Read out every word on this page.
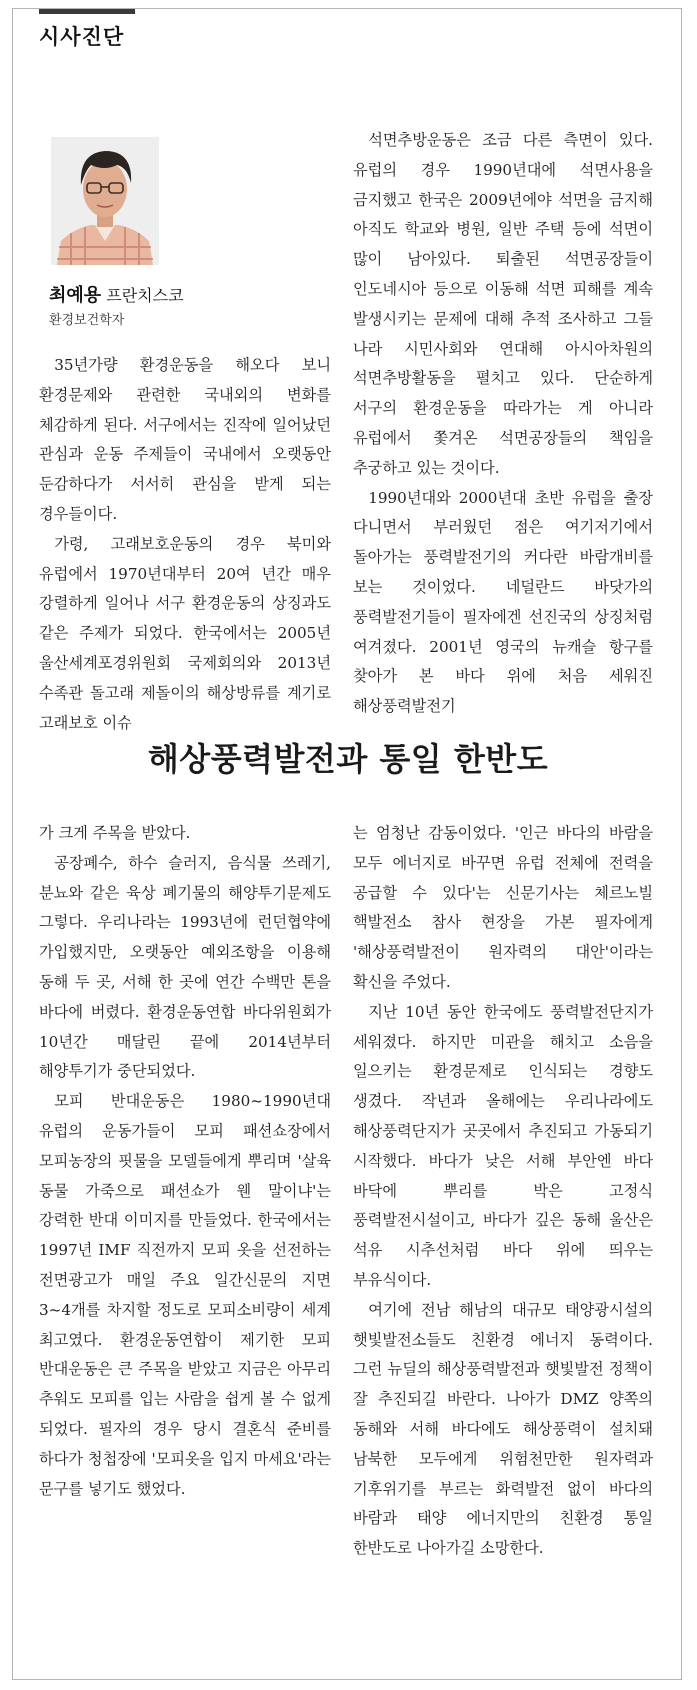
시사진단
최예용 프란치스코
환경보건학자

35년가량 환경운동을 해오다 보니 환경문제와 관련한 국내외의 변화를 체감하게 된다. 서구에서는 진작에 일어났던 관심과 운동 주제들이 국내에서 오랫동안 둔감하다가 서서히 관심을 받게 되는 경우들이다.

가령, 고래보호운동의 경우 북미와 유럽에서 1970년대부터 20여 년간 매우 강렬하게 일어나 서구 환경운동의 상징과도 같은 주제가 되었다. 한국에서는 2005년 울산세계포경위원회 국제회의와 2013년 수족관 돌고래 제돌이의 해상방류를 계기로 고래보호 이슈

석면추방운동은 조금 다른 측면이 있다. 유럽의 경우 1990년대에 석면사용을 금지했고 한국은 2009년에야 석면을 금지해 아직도 학교와 병원, 일반 주택 등에 석면이 많이 남아있다. 퇴출된 석면공장들이 인도네시아 등으로 이동해 석면 피해를 계속 발생시키는 문제에 대해 추적 조사하고 그들 나라 시민사회와 연대해 아시아차원의 석면추방활동을 펼치고 있다. 단순하게 서구의 환경운동을 따라가는 게 아니라 유럽에서 쫓겨온 석면공장들의 책임을 추궁하고 있는 것이다.

1990년대와 2000년대 초반 유럽을 출장 다니면서 부러웠던 점은 여기저기에서 돌아가는 풍력발전기의 커다란 바람개비를 보는 것이었다. 네덜란드 바닷가의 풍력발전기들이 필자에겐 선진국의 상징처럼 여겨졌다. 2001년 영국의 뉴캐슬 항구를 찾아가 본 바다 위에 처음 세워진 해상풍력발전기

해상풍력발전과 통일 한반도

가 크게 주목을 받았다.

공장폐수, 하수 슬러지, 음식물 쓰레기, 분뇨와 같은 육상 폐기물의 해양투기문제도 그렇다. 우리나라는 1993년에 런던협약에 가입했지만, 오랫동안 예외조항을 이용해 동해 두 곳, 서해 한 곳에 연간 수백만 톤을 바다에 버렸다. 환경운동연합 바다위원회가 10년간 매달린 끝에 2014년부터 해양투기가 중단되었다.

모피 반대운동은 1980~1990년대 유럽의 운동가들이 모피 패션쇼장에서 모피농장의 핏물을 모델들에게 뿌리며 '살육 동물 가죽으로 패션쇼가 웬 말이냐'는 강력한 반대 이미지를 만들었다. 한국에서는 1997년 IMF 직전까지 모피 옷을 선전하는 전면광고가 매일 주요 일간신문의 지면 3~4개를 차지할 정도로 모피소비량이 세계 최고였다. 환경운동연합이 제기한 모피 반대운동은 큰 주목을 받았고 지금은 아무리 추워도 모피를 입는 사람을 쉽게 볼 수 없게 되었다. 필자의 경우 당시 결혼식 준비를 하다가 청첩장에 '모피옷을 입지 마세요'라는 문구를 넣기도 했었다.

는 엄청난 감동이었다. '인근 바다의 바람을 모두 에너지로 바꾸면 유럽 전체에 전력을 공급할 수 있다'는 신문기사는 체르노빌 핵발전소 참사 현장을 가본 필자에게 '해상풍력발전이 원자력의 대안'이라는 확신을 주었다.

지난 10년 동안 한국에도 풍력발전단지가 세워졌다. 하지만 미관을 해치고 소음을 일으키는 환경문제로 인식되는 경향도 생겼다. 작년과 올해에는 우리나라에도 해상풍력단지가 곳곳에서 추진되고 가동되기 시작했다. 바다가 낮은 서해 부안엔 바다 바닥에 뿌리를 박은 고정식 풍력발전시설이고, 바다가 깊은 동해 울산은 석유 시추선처럼 바다 위에 띄우는 부유식이다.

여기에 전남 해남의 대규모 태양광시설의 햇빛발전소들도 친환경 에너지 동력이다. 그런 뉴딜의 해상풍력발전과 햇빛발전 정책이 잘 추진되길 바란다. 나아가 DMZ 양쪽의 동해와 서해 바다에도 해상풍력이 설치돼 남북한 모두에게 위험천만한 원자력과 기후위기를 부르는 화력발전 없이 바다의 바람과 태양 에너지만의 친환경 통일 한반도로 나아가길 소망한다.
